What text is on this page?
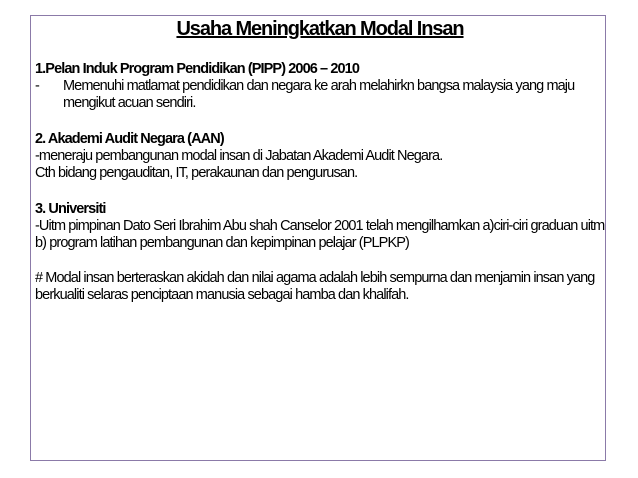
Usaha Meningkatkan Modal Insan

1.Pelan Induk Program Pendidikan (PIPP) 2006 – 2010

-	Memenuhi matlamat pendidikan dan negara ke arah melahirkn bangsa malaysia yang maju mengikut acuan sendiri.

2. Akademi Audit Negara (AAN)

-meneraju pembangunan modal insan di Jabatan Akademi Audit Negara.

Cth bidang pengauditan, IT, perakaunan dan pengurusan.

3. Universiti

-Uitm pimpinan Dato Seri Ibrahim Abu shah Canselor 2001 telah mengilhamkan a)ciri-ciri graduan uitm b) program latihan pembangunan dan kepimpinan pelajar (PLPKP)

# Modal insan berteraskan akidah dan nilai agama adalah lebih sempurna dan menjamin insan yang berkualiti selaras penciptaan manusia sebagai hamba dan khalifah.
